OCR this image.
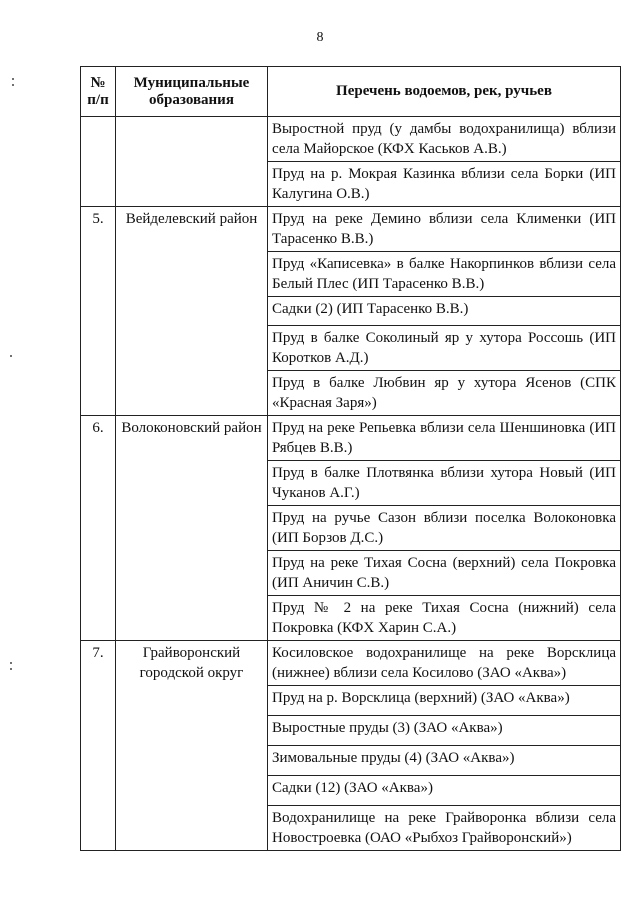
8
№ п/п	Муниципальные образования	Перечень водоемов, рек, ручьев
		Выростной пруд (у дамбы водохранилища) вблизи села Майорское (КФХ Каськов А.В.)
		Пруд на р. Мокрая Казинка вблизи села Борки (ИП Калугина О.В.)
5.	Вейделевский район	Пруд на реке Демино вблизи села Клименки (ИП Тарасенко В.В.)
		Пруд «Каписевка» в балке Накорпинков вблизи села Белый Плес (ИП Тарасенко В.В.)
		Садки (2) (ИП Тарасенко В.В.)
		Пруд в балке Соколиный яр у хутора Россошь (ИП Коротков А.Д.)
		Пруд в балке Любвин яр у хутора Ясенов (СПК «Красная Заря»)
6.	Волоконовский район	Пруд на реке Репьевка вблизи села Шеншиновка (ИП Рябцев В.В.)
		Пруд в балке Плотвянка вблизи хутора Новый (ИП Чуканов А.Г.)
		Пруд на ручье Сазон вблизи поселка Волоконовка (ИП Борзов Д.С.)
		Пруд на реке Тихая Сосна (верхний) села Покровка (ИП Аничин С.В.)
		Пруд № 2 на реке Тихая Сосна (нижний) села Покровка (КФХ Харин С.А.)
7.	Грайворонский городской округ	Косиловское водохранилище на реке Ворсклица (нижнее) вблизи села Косилово (ЗАО «Аква»)
		Пруд на р. Ворсклица (верхний) (ЗАО «Аква»)
		Выростные пруды (3) (ЗАО «Аква»)
		Зимовальные пруды (4) (ЗАО «Аква»)
		Садки (12) (ЗАО «Аква»)
		Водохранилище на реке Грайворонка вблизи села Новостроевка (ОАО «Рыбхоз Грайворонский»)
